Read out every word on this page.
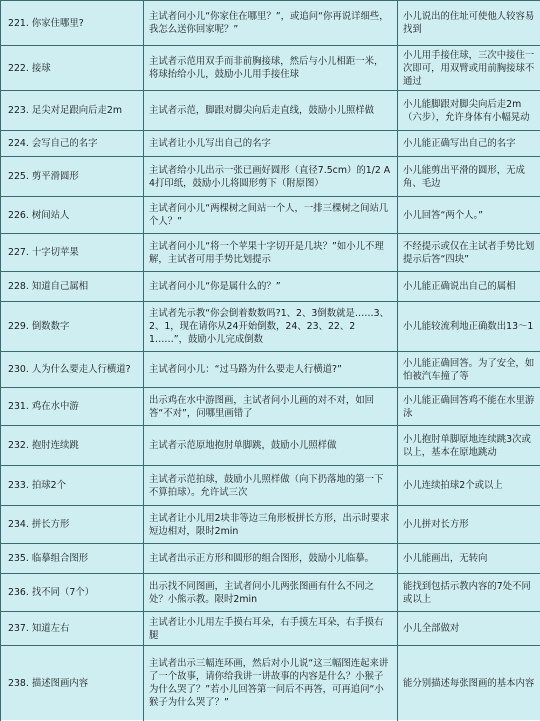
221. 你家住哪里?	主试者问小儿“你家住在哪里？”，或追问“你再说详细些，我怎么送你回家呢？”	小儿说出的住址可使他人较容易找到
222. 接球	主试者示范用双手而非前胸接球，然后与小儿相距一米，将球抬给小儿，鼓励小儿用手接住球	小儿用手接住球，三次中接住一次即可，用双臂或用前胸接球不通过
223. 足尖对足跟向后走2m	主试者示范，脚跟对脚尖向后走直线，鼓励小儿照样做	小儿能脚跟对脚尖向后走2m（六步），允许身体有小幅晃动
224. 会写自己的名字	主试者让小儿写出自己的名字	小儿能正确写出自己的名字
225. 剪平滑圆形	主试者给小儿出示一张已画好圆形（直径7.5cm）的1/2 A4打印纸，鼓励小儿将圆形剪下（附原图）	小儿能剪出平滑的圆形，无成角、毛边
226. 树间站人	主试者问小儿“两棵树之间站一个人，一排三棵树之间站几个人？”	小儿回答“两个人。”
227. 十字切苹果	主试者问小儿“将一个苹果十字切开是几块？”如小儿不理解，主试者可用手势比划提示	不经提示或仅在主试者手势比划提示后答“四块”
228. 知道自己属相	主试者问小儿“你是属什么的？”	小儿能正确说出自己的属相
229. 倒数数字	主试者先示教“你会倒着数数吗?1、2、3倒数就是……3、2、1，现在请你从24开始倒数，24、23、22、21……”，鼓励小儿完成倒数	小儿能较流利地正确数出13～1
230. 人为什么要走人行横道?	主试者问小儿：“过马路为什么要走人行横道?”	小儿能正确回答。为了安全，如怕被汽车撞了等
231. 鸡在水中游	出示鸡在水中游图画，主试者问小儿画的对不对，如回答“不对”，问哪里画错了	小儿能正确回答鸡不能在水里游泳
232. 抱肘连续跳	主试者示范原地抱肘单脚跳，鼓励小儿照样做	小儿抱肘单脚原地连续跳3次或以上，基本在原地跳动
233. 拍球2个	主试者示范拍球，鼓励小儿照样做（向下扔落地的第一下不算拍球）。允许试三次	小儿连续拍球2个或以上
234. 拼长方形	主试者让小儿用2块非等边三角形板拼长方形，出示时要求短边相对，限时2min	小儿拼对长方形
235. 临摹组合图形	主试者出示正方形和圆形的组合图形，鼓励小儿临摹。	小儿能画出，无转向
236. 找不同（7个）	出示找不同图画，主试者问小儿两张图画有什么不同之处？小熊示教。限时2min	能找到包括示教内容的7处不同或以上
237. 知道左右	主试者让小儿用左手摸右耳朵，右手摸左耳朵，右手摸右腿	小儿全部做对
238. 描述图画内容	主试者出示三幅连环画，然后对小儿说“这三幅图连起来讲了一个故事，请你给我讲一讲故事的内容是什么？小猴子为什么哭了？”若小儿回答第一问后不再答，可再追问“小猴子为什么哭了？”	能分别描述每张图画的基本内容
